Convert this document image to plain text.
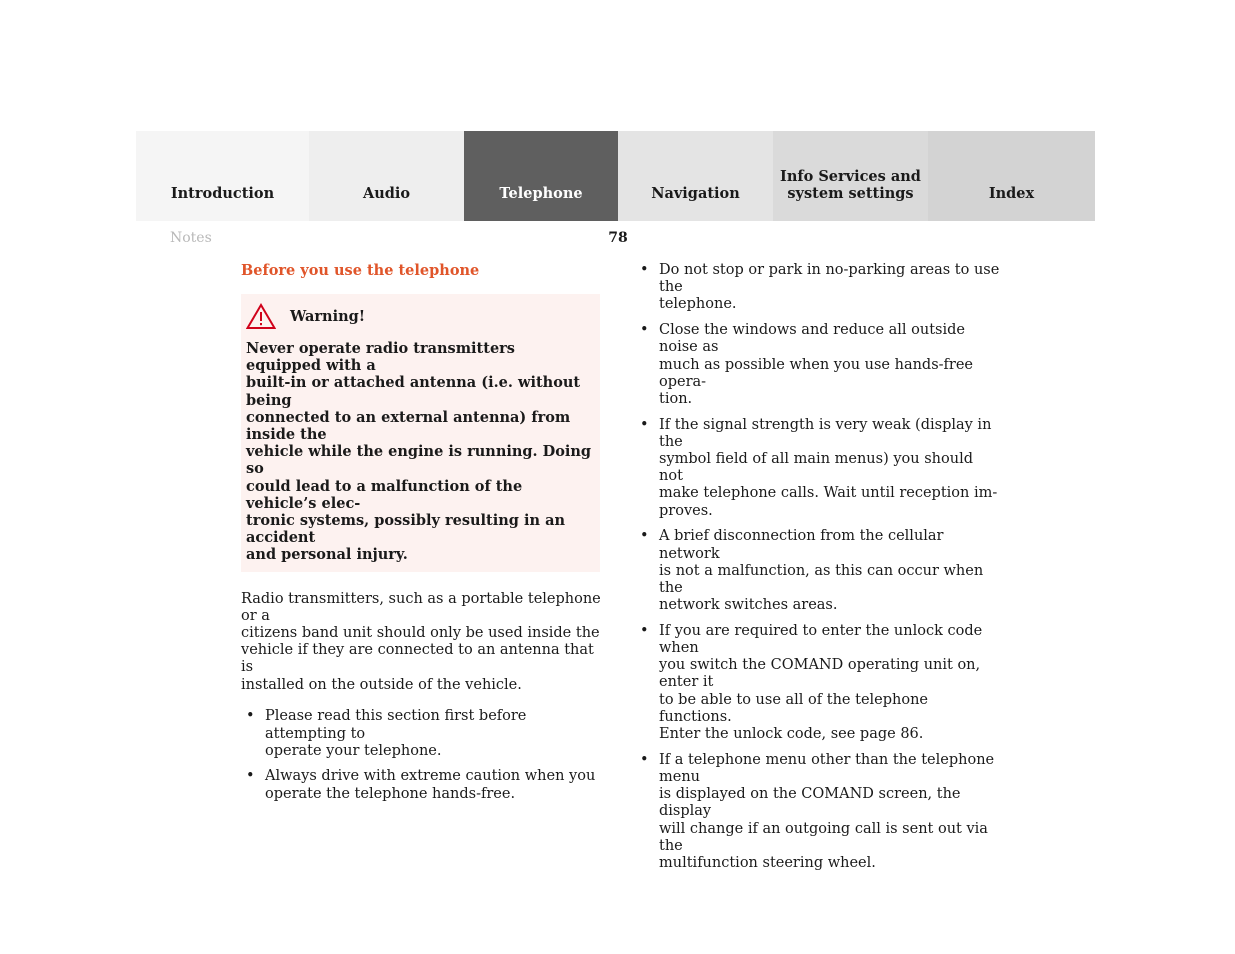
Introduction	Audio	Telephone	Navigation
Info Services and
system settings	Index
Notes	78
Before you use the telephone
Warning!
Never operate radio transmitters equipped with a
built-in or attached antenna (i.e. without being
connected to an external antenna) from inside the
vehicle while the engine is running. Doing so
could lead to a malfunction of the vehicle’s elec-
tronic systems, possibly resulting in an accident
and personal injury.

Radio transmitters, such as a portable telephone or a
citizens band unit should only be used inside the
vehicle if they are connected to an antenna that is
installed on the outside of the vehicle.

• Please read this section first before attempting to
operate your telephone.
• Always drive with extreme caution when you
operate the telephone hands-free.
• Do not stop or park in no-parking areas to use the
telephone.
• Close the windows and reduce all outside noise as
much as possible when you use hands-free opera-
tion.
• If the signal strength is very weak (display in the
symbol field of all main menus) you should not
make telephone calls. Wait until reception im-
proves.
• A brief disconnection from the cellular network
is not a malfunction, as this can occur when the
network switches areas.
• If you are required to enter the unlock code when
you switch the COMAND operating unit on, enter it
to be able to use all of the telephone functions.
Enter the unlock code, see page 86.
• If a telephone menu other than the telephone menu
is displayed on the COMAND screen, the display
will change if an outgoing call is sent out via the
multifunction steering wheel.
